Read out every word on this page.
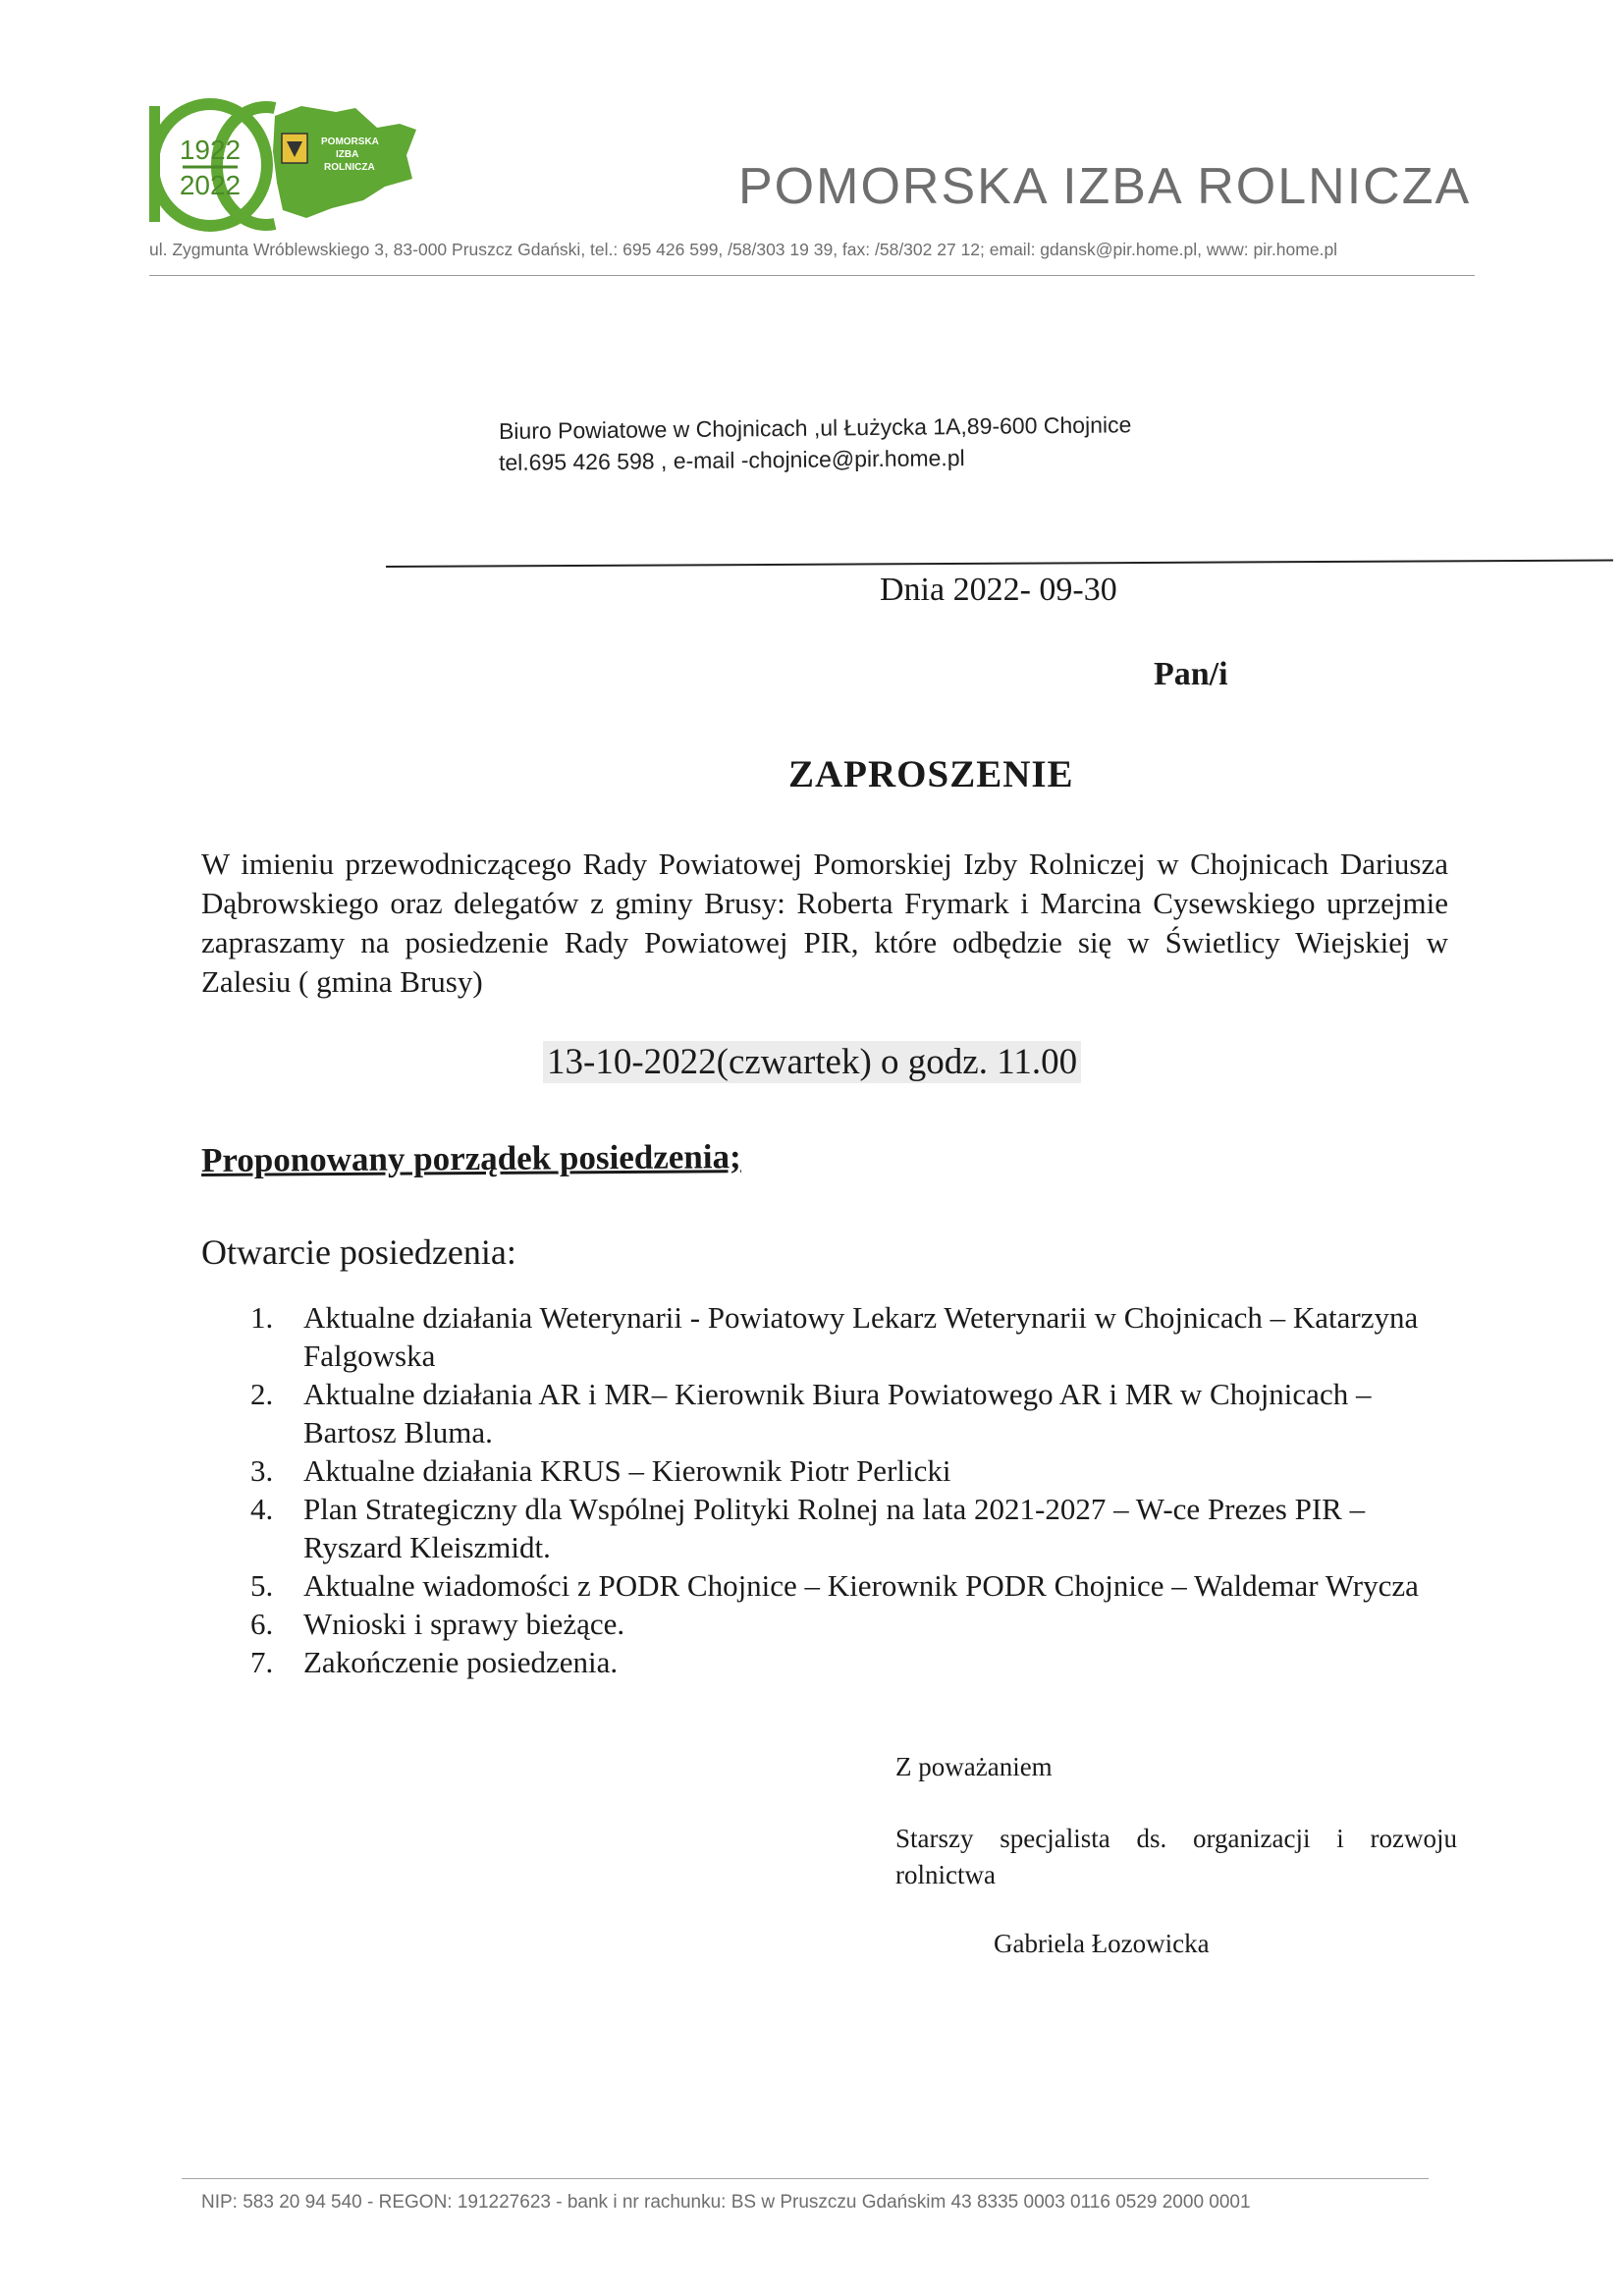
POMORSKA
IZBA
ROLNICZA
1922
2022	POMORSKA IZBA ROLNICZA
ul. Zygmunta Wróblewskiego 3, 83-000 Pruszcz Gdański, tel.: 695 426 599, /58/303 19 39, fax: /58/302 27 12; email: gdansk@pir.home.pl, www: pir.home.pl
Biuro Powiatowe w Chojnicach ,ul Łużycka 1A,89-600 Chojnice
tel.695 426 598 , e-mail -chojnice@pir.home.pl
Dnia 2022- 09-30
Pan/i
ZAPROSZENIE
W imieniu przewodniczącego Rady Powiatowej Pomorskiej Izby Rolniczej w Chojnicach Dariusza Dąbrowskiego oraz delegatów z gminy Brusy: Roberta Frymark i Marcina Cysewskiego uprzejmie zapraszamy na posiedzenie Rady Powiatowej PIR, które odbędzie się w Świetlicy Wiejskiej w Zalesiu ( gmina Brusy)
13-10-2022(czwartek) o godz. 11.00
Proponowany porządek posiedzenia;
Otwarcie posiedzenia:
1. Aktualne działania Weterynarii - Powiatowy Lekarz Weterynarii w Chojnicach – Katarzyna Falgowska
2. Aktualne działania AR i MR– Kierownik Biura Powiatowego AR i MR w Chojnicach – Bartosz Bluma.
3. Aktualne działania KRUS – Kierownik Piotr Perlicki
4. Plan Strategiczny dla Wspólnej Polityki Rolnej na lata 2021-2027 – W-ce Prezes PIR – Ryszard Kleiszmidt.
5. Aktualne wiadomości z PODR Chojnice – Kierownik PODR Chojnice – Waldemar Wrycza
6. Wnioski i sprawy bieżące.
7. Zakończenie posiedzenia.
Z poważaniem
Starszy specjalista ds. organizacji i rozwoju rolnictwa
Gabriela Łozowicka
NIP: 583 20 94 540 - REGON: 191227623 - bank i nr rachunku: BS w Pruszczu Gdańskim 43 8335 0003 0116 0529 2000 0001
